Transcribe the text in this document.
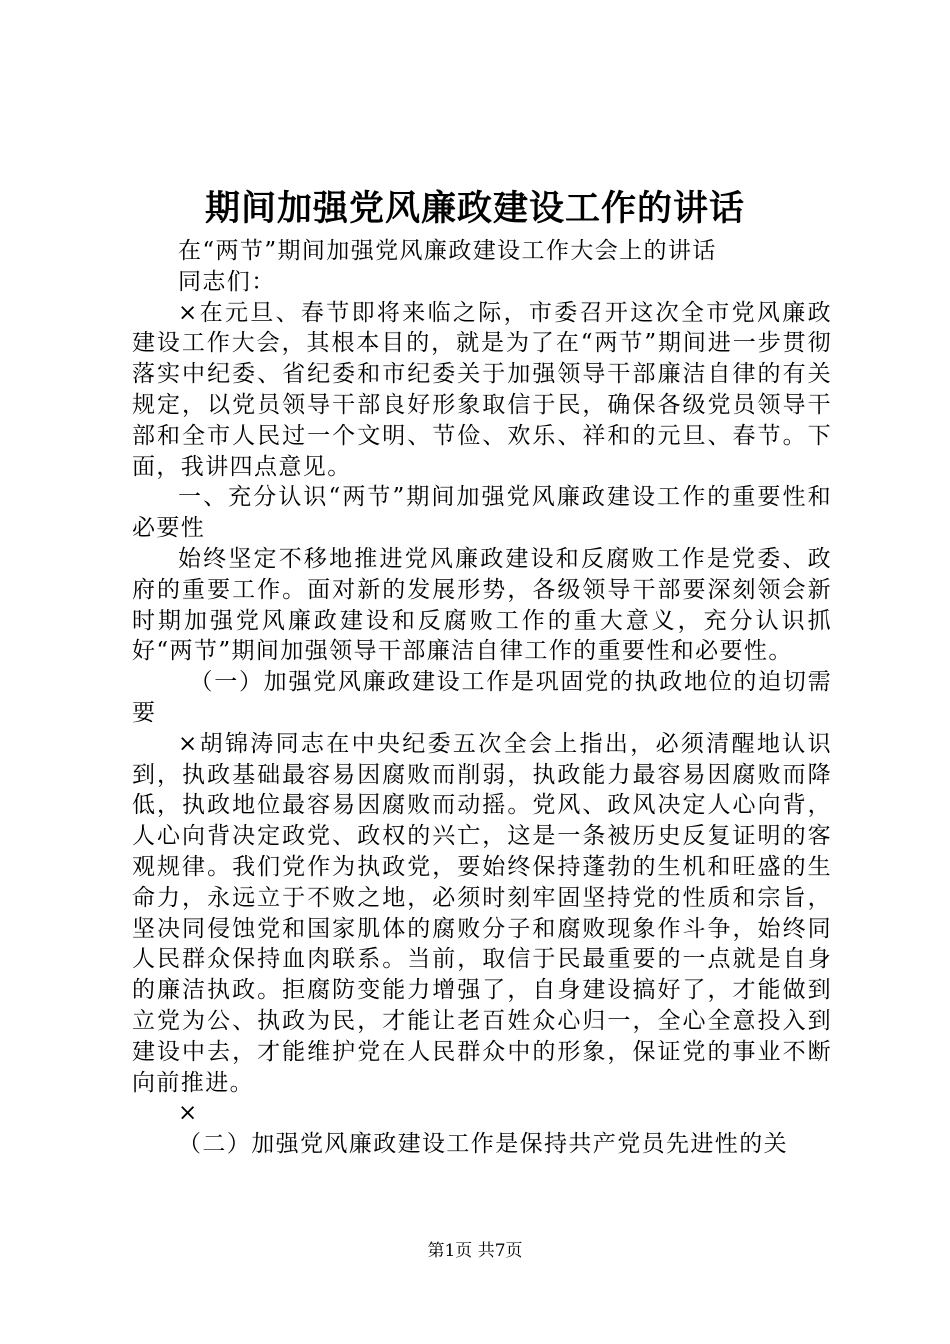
期间加强党风廉政建设工作的讲话

在“两节”期间加强党风廉政建设工作大会上的讲话

同志们：

×在元旦、春节即将来临之际，市委召开这次全市党风廉政建设工作大会，其根本目的，就是为了在“两节”期间进一步贯彻落实中纪委、省纪委和市纪委关于加强领导干部廉洁自律的有关规定，以党员领导干部良好形象取信于民，确保各级党员领导干部和全市人民过一个文明、节俭、欢乐、祥和的元旦、春节。下面，我讲四点意见。

一、充分认识“两节”期间加强党风廉政建设工作的重要性和必要性

始终坚定不移地推进党风廉政建设和反腐败工作是党委、政府的重要工作。面对新的发展形势，各级领导干部要深刻领会新时期加强党风廉政建设和反腐败工作的重大意义，充分认识抓好“两节”期间加强领导干部廉洁自律工作的重要性和必要性。

（一）加强党风廉政建设工作是巩固党的执政地位的迫切需要

×胡锦涛同志在中央纪委五次全会上指出，必须清醒地认识到，执政基础最容易因腐败而削弱，执政能力最容易因腐败而降低，执政地位最容易因腐败而动摇。党风、政风决定人心向背，人心向背决定政党、政权的兴亡，这是一条被历史反复证明的客观规律。我们党作为执政党，要始终保持蓬勃的生机和旺盛的生命力，永远立于不败之地，必须时刻牢固坚持党的性质和宗旨，坚决同侵蚀党和国家肌体的腐败分子和腐败现象作斗争，始终同人民群众保持血肉联系。当前，取信于民最重要的一点就是自身的廉洁执政。拒腐防变能力增强了，自身建设搞好了，才能做到立党为公、执政为民，才能让老百姓众心归一，全心全意投入到建设中去，才能维护党在人民群众中的形象，保证党的事业不断向前推进。

×

（二）加强党风廉政建设工作是保持共产党员先进性的关

第1页 共7页
